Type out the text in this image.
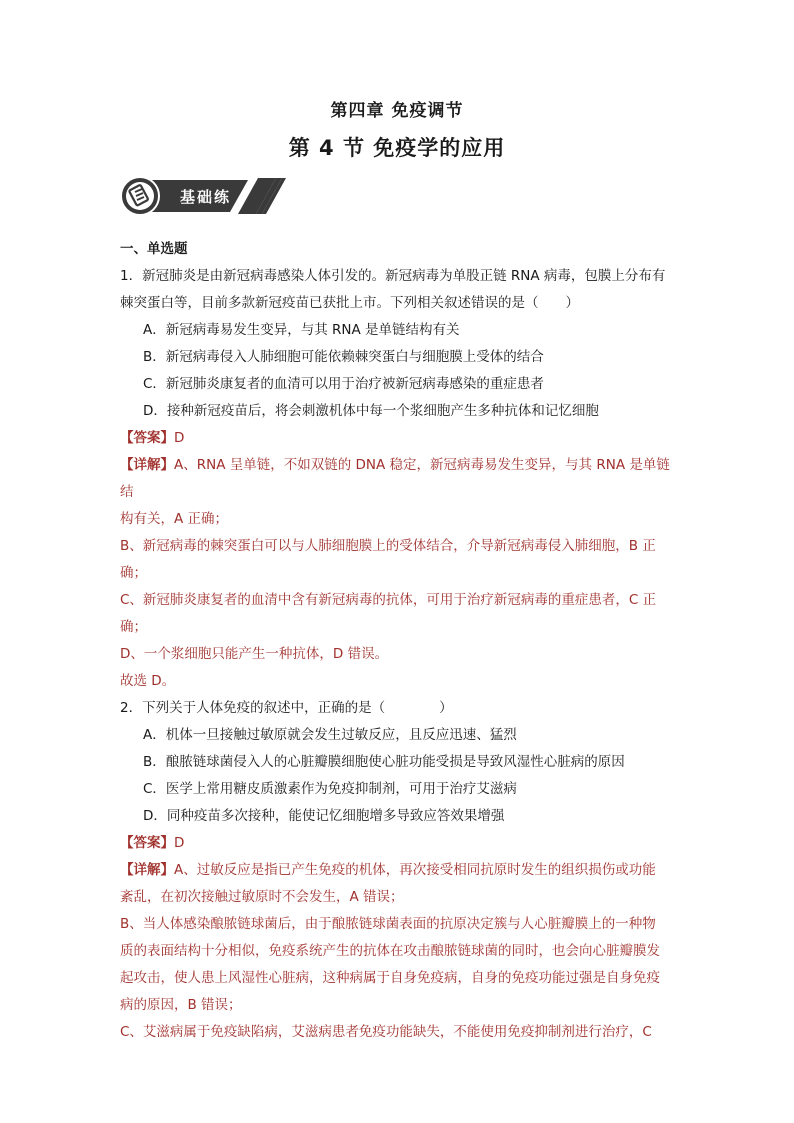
第四章 免疫调节
第 4 节 免疫学的应用
基础练

一、单选题

1．新冠肺炎是由新冠病毒感染人体引发的。新冠病毒为单股正链 RNA 病毒，包膜上分布有

棘突蛋白等，目前多款新冠疫苗已获批上市。下列相关叙述错误的是（　　）

A．新冠病毒易发生变异，与其 RNA 是单链结构有关

B．新冠病毒侵入人肺细胞可能依赖棘突蛋白与细胞膜上受体的结合

C．新冠肺炎康复者的血清可以用于治疗被新冠病毒感染的重症患者

D．接种新冠疫苗后，将会刺激机体中每一个浆细胞产生多种抗体和记忆细胞

【答案】D

【详解】A、RNA 呈单链，不如双链的 DNA 稳定，新冠病毒易发生变异，与其 RNA 是单链结

构有关，A 正确；

B、新冠病毒的棘突蛋白可以与人肺细胞膜上的受体结合，介导新冠病毒侵入肺细胞，B 正

确；

C、新冠肺炎康复者的血清中含有新冠病毒的抗体，可用于治疗新冠病毒的重症患者，C 正

确；

D、一个浆细胞只能产生一种抗体，D 错误。

故选 D。

2．下列关于人体免疫的叙述中，正确的是（　　　　）

A．机体一旦接触过敏原就会发生过敏反应，且反应迅速、猛烈

B．酿脓链球菌侵入人的心脏瓣膜细胞使心脏功能受损是导致风湿性心脏病的原因

C．医学上常用糖皮质激素作为免疫抑制剂，可用于治疗艾滋病

D．同种疫苗多次接种，能使记忆细胞增多导致应答效果增强

【答案】D

【详解】A、过敏反应是指已产生免疫的机体，再次接受相同抗原时发生的组织损伤或功能

紊乱，在初次接触过敏原时不会发生，A 错误；

B、当人体感染酿脓链球菌后，由于酿脓链球菌表面的抗原决定簇与人心脏瓣膜上的一种物

质的表面结构十分相似，免疫系统产生的抗体在攻击酿脓链球菌的同时，也会向心脏瓣膜发

起攻击，使人患上风湿性心脏病，这种病属于自身免疫病，自身的免疫功能过强是自身免疫

病的原因，B 错误；

C、艾滋病属于免疫缺陷病，艾滋病患者免疫功能缺失，不能使用免疫抑制剂进行治疗，C
